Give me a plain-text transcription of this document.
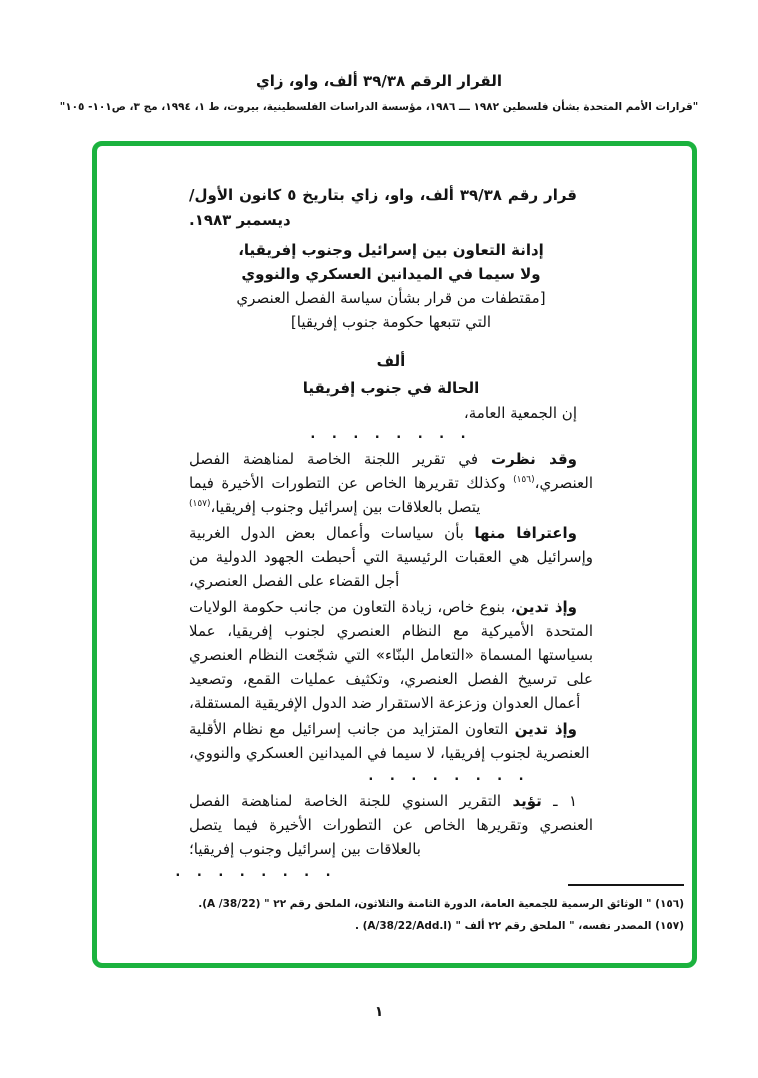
القرار الرقم ٣٩/٣٨ ألف، واو، زاي
"قرارات الأمم المتحدة بشأن فلسطين ١٩٨٢ ـــ ١٩٨٦، مؤسسة الدراسات الفلسطينية، بيروت، ط ١، ١٩٩٤، مج ٣، ص١٠١- ١٠٥"

قرار رقم ٣٩/٣٨ ألف، واو، زاي بتاريخ ٥ كانون الأول/ ديسمبر ١٩٨٣.

إدانة التعاون بين إسرائيل وجنوب إفريقيا،

ولا سيما في الميدانين العسكري والنووي

[مقتطفات من قرار بشأن سياسة الفصل العنصري

التي تتبعها حكومة جنوب إفريقيا]

ألف

الحالة في جنوب إفريقيا

إن الجمعية العامة،

. . . . . . . .

وقد نظرت في تقرير اللجنة الخاصة لمناهضة الفصل العنصري،$^{(١٥٦)}$ وكذلك تقريرها الخاص عن التطورات الأخيرة فيما يتصل بالعلاقات بين إسرائيل وجنوب إفريقيا،$^{(١٥٧)}$

واعترافا منها بأن سياسات وأعمال بعض الدول الغربية وإسرائيل هي العقبات الرئيسية التي أحبطت الجهود الدولية من أجل القضاء على الفصل العنصري،

وإذ تدين، بنوع خاص، زيادة التعاون من جانب حكومة الولايات المتحدة الأميركية مع النظام العنصري لجنوب إفريقيا، عملا بسياستها المسماة «التعامل البنّاء» التي شجّعت النظام العنصري على ترسيخ الفصل العنصري، وتكثيف عمليات القمع، وتصعيد أعمال العدوان وزعزعة الاستقرار ضد الدول الإفريقية المستقلة،

وإذ تدين التعاون المتزايد من جانب إسرائيل مع نظام الأقلية العنصرية لجنوب إفريقيا، لا سيما في الميدانين العسكري والنووي،

. . . . . . . .

١ ـ تؤيد التقرير السنوي للجنة الخاصة لمناهضة الفصل العنصري وتقريرها الخاص عن التطورات الأخيرة فيما يتصل بالعلاقات بين إسرائيل وجنوب إفريقيا؛

. . . . . . . .

(١٥٦) " الوثائق الرسمية للجمعية العامة، الدورة الثامنة والثلاثون، الملحق رقم ٢٢ " (A /38/22).

(١٥٧) المصدر نفسه، " الملحق رقم ٢٢ ألف " (A/38/22/Add.l) .

١
